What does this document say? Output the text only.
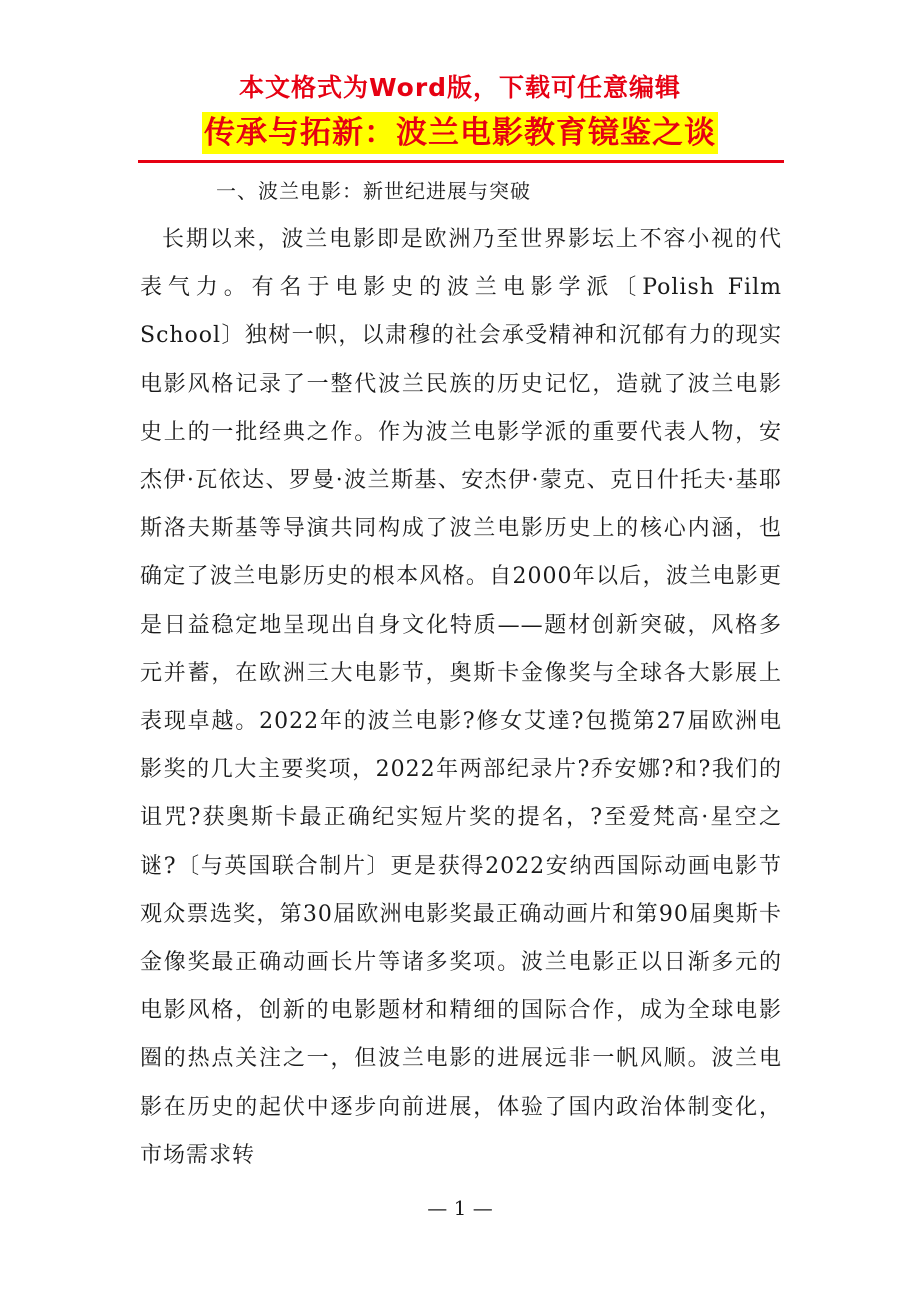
本文格式为Word版，下载可任意编辑
传承与拓新：波兰电影教育镜鉴之谈
一、波兰电影：新世纪进展与突破

长期以来，波兰电影即是欧洲乃至世界影坛上不容小视的代表气力。有名于电影史的波兰电影学派〔Polish Film School〕独树一帜，以肃穆的社会承受精神和沉郁有力的现实电影风格记录了一整代波兰民族的历史记忆，造就了波兰电影史上的一批经典之作。作为波兰电影学派的重要代表人物，安杰伊·瓦依达、罗曼·波兰斯基、安杰伊·蒙克、克日什托夫·基耶斯洛夫斯基等导演共同构成了波兰电影历史上的核心内涵，也确定了波兰电影历史的根本风格。自2000年以后，波兰电影更是日益稳定地呈现出自身文化特质——题材创新突破，风格多元并蓄，在欧洲三大电影节，奥斯卡金像奖与全球各大影展上表现卓越。2022年的波兰电影?修女艾達?包揽第27届欧洲电影奖的几大主要奖项，2022年两部纪录片?乔安娜?和?我们的诅咒?获奥斯卡最正确纪实短片奖的提名，?至爱梵高·星空之谜?〔与英国联合制片〕更是获得2022安纳西国际动画电影节观众票选奖，第30届欧洲电影奖最正确动画片和第90届奥斯卡金像奖最正确动画长片等诸多奖项。波兰电影正以日渐多元的电影风格，创新的电影题材和精细的国际合作，成为全球电影圈的热点关注之一，但波兰电影的进展远非一帆风顺。波兰电影在历史的起伏中逐步向前进展，体验了国内政治体制变化，市场需求转

— 1 —
